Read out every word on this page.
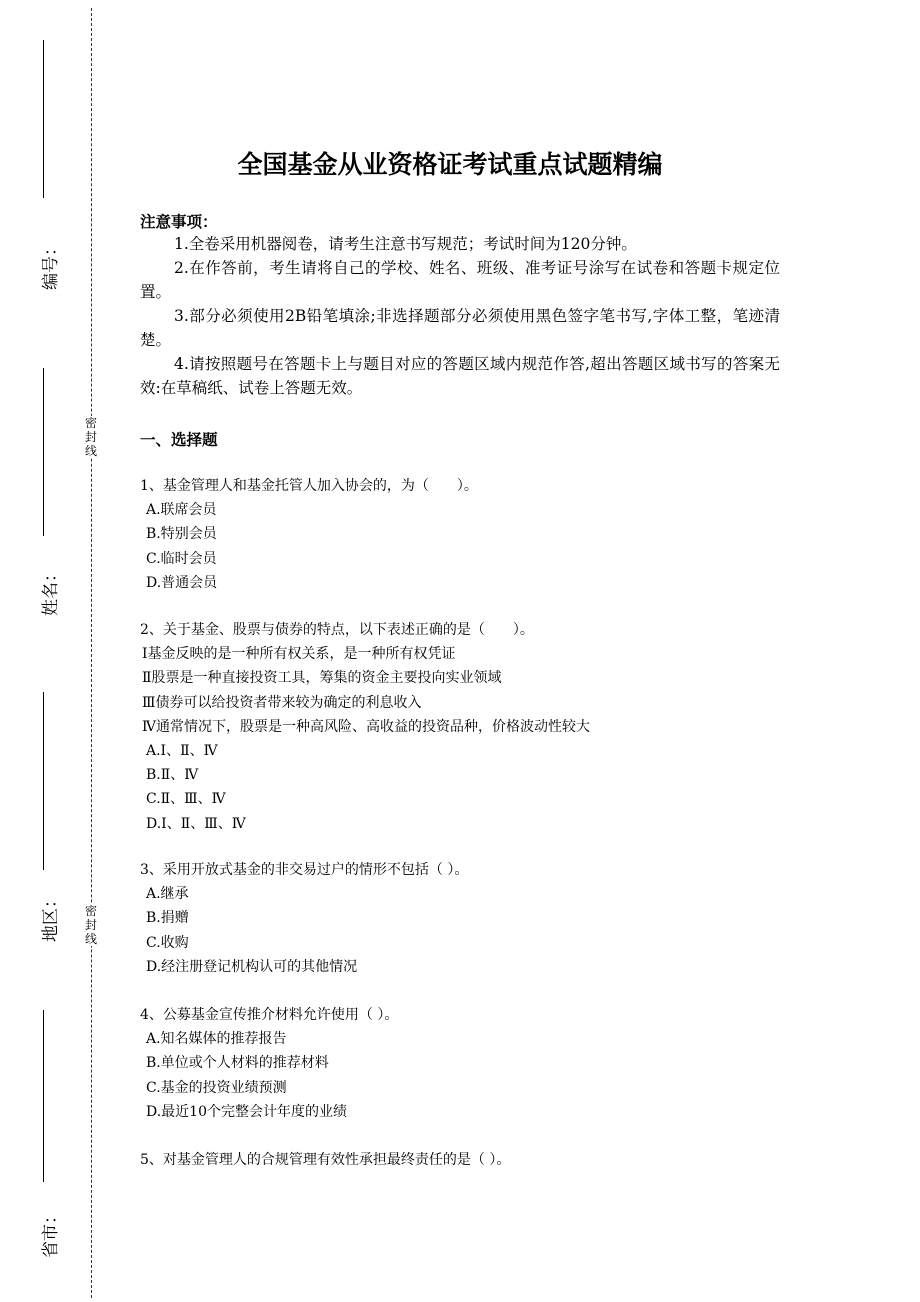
编号：
姓名：
地区：
省市：
密
封
线
密
封
线
全国基金从业资格证考试重点试题精编
注意事项：

1.全卷采用机器阅卷，请考生注意书写规范；考试时间为120分钟。

2.在作答前，考生请将自己的学校、姓名、班级、准考证号涂写在试卷和答题卡规定位置。

3.部分必须使用2B铅笔填涂;非选择题部分必须使用黑色签字笔书写,字体工整，笔迹清楚。

4.请按照题号在答题卡上与题目对应的答题区域内规范作答,超出答题区域书写的答案无效:在草稿纸、试卷上答题无效。

一、选择题

1、基金管理人和基金托管人加入协会的，为（　　）。

A.联席会员

B.特别会员

C.临时会员

D.普通会员

2、关于基金、股票与债券的特点，以下表述正确的是（　　）。

Ⅰ基金反映的是一种所有权关系，是一种所有权凭证

Ⅱ股票是一种直接投资工具，筹集的资金主要投向实业领域

Ⅲ债券可以给投资者带来较为确定的利息收入

Ⅳ通常情况下，股票是一种高风险、高收益的投资品种，价格波动性较大

A.Ⅰ、Ⅱ、Ⅳ

B.Ⅱ、Ⅳ

C.Ⅱ、Ⅲ、Ⅳ

D.Ⅰ、Ⅱ、Ⅲ、Ⅳ

3、采用开放式基金的非交易过户的情形不包括（ ）。

A.继承

B.捐赠

C.收购

D.经注册登记机构认可的其他情况

4、公募基金宣传推介材料允许使用（ ）。

A.知名媒体的推荐报告

B.单位或个人材料的推荐材料

C.基金的投资业绩预测

D.最近10个完整会计年度的业绩

5、对基金管理人的合规管理有效性承担最终责任的是（ ）。
